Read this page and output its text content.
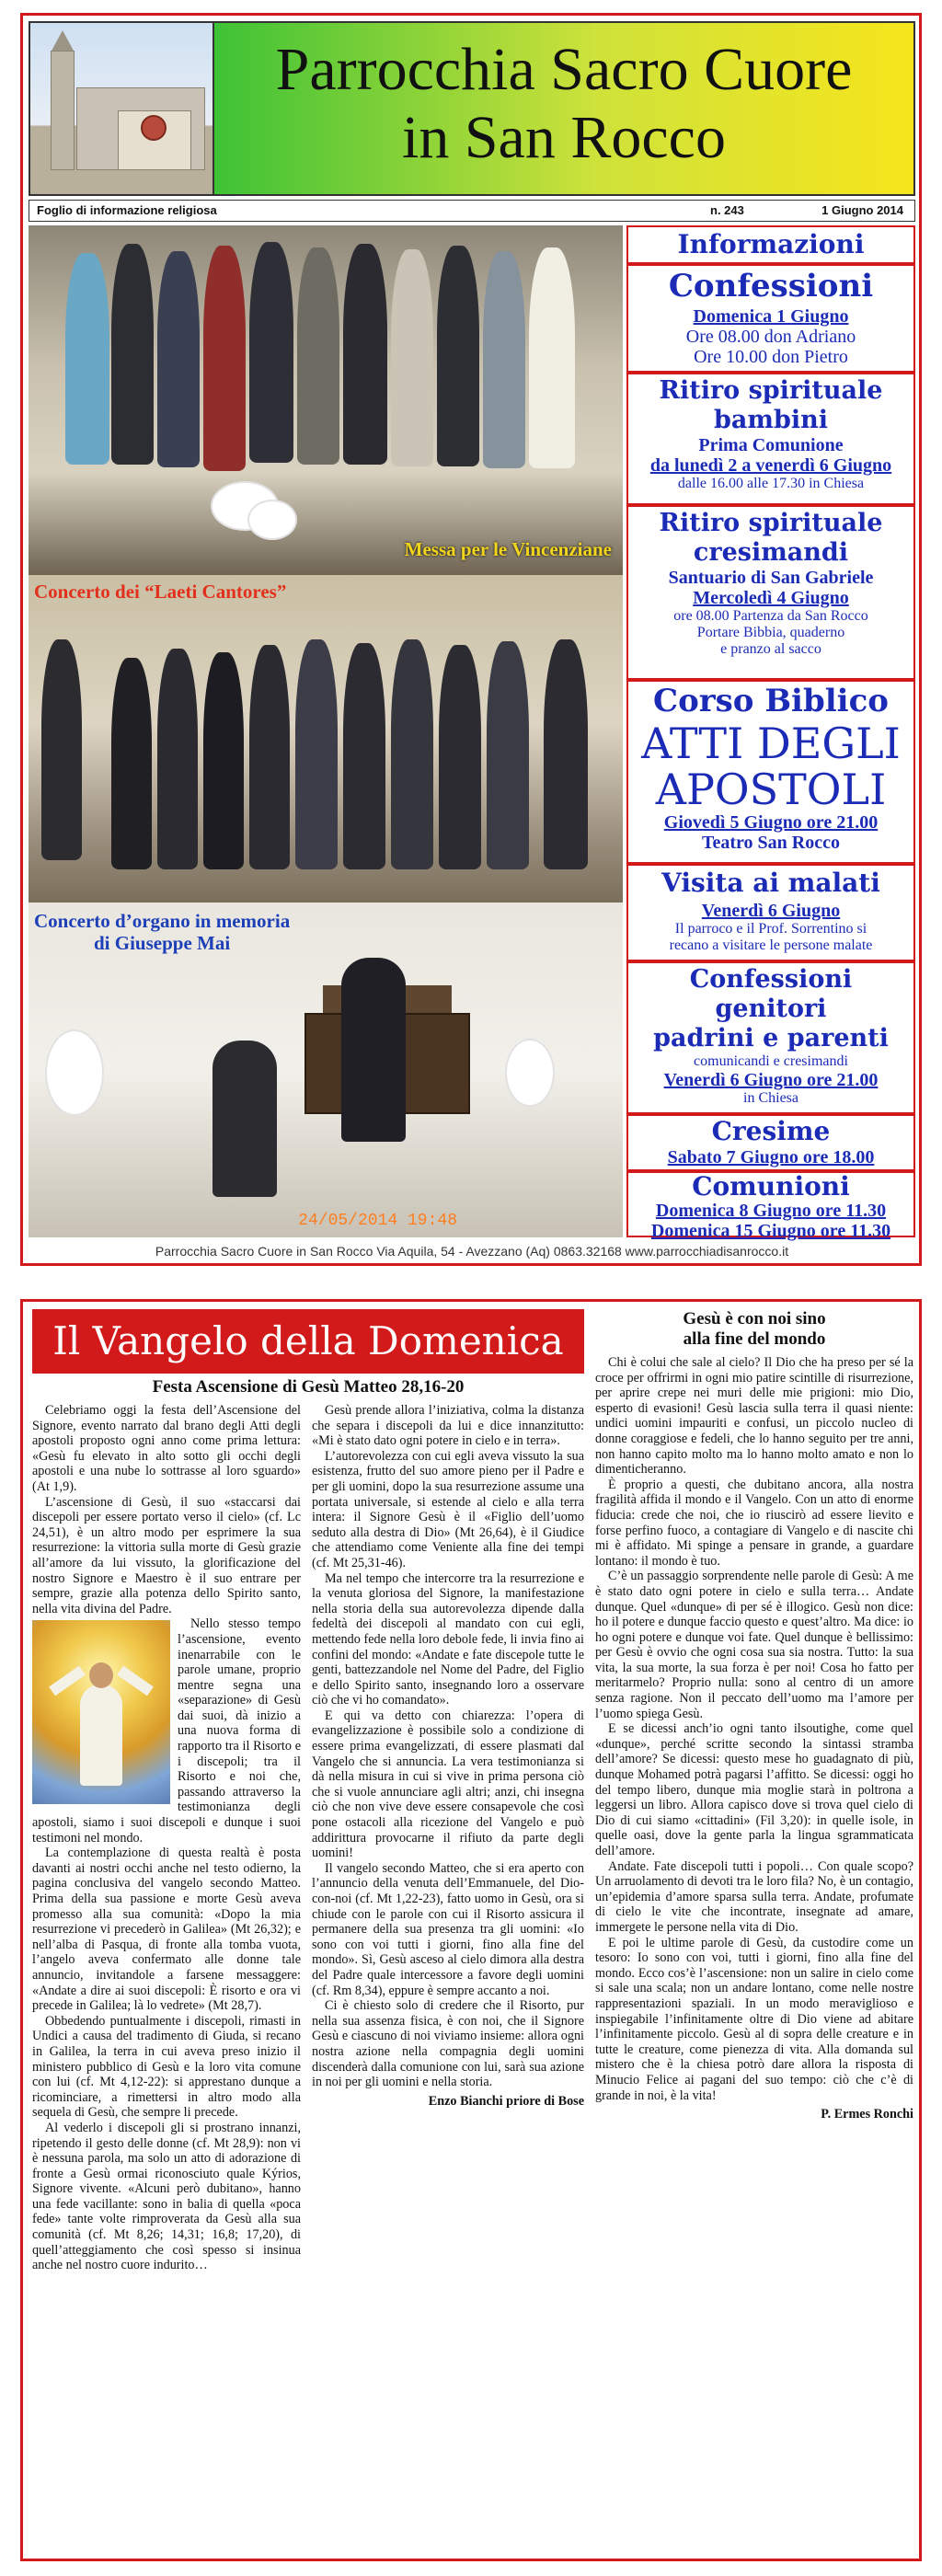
Parrocchia Sacro Cuore
in San Rocco
Foglio di informazione religiosa	n. 243	1 Giugno 2014
Messa per le Vincenziane
Concerto dei “Laeti Cantores”
Concerto d’organo in memoria
di Giuseppe Mai
24/05/2014 19:48
Informazioni
Confessioni
Domenica 1 Giugno
Ore 08.00 don Adriano
Ore 10.00 don Pietro
Ritiro spirituale
bambini
Prima Comunione
da lunedì 2 a venerdì 6 Giugno
dalle 16.00 alle 17.30 in Chiesa
Ritiro spirituale
cresimandi
Santuario di San Gabriele
Mercoledì 4 Giugno
ore 08.00 Partenza da San Rocco
Portare Bibbia, quaderno
e pranzo al sacco
Corso Biblico
ATTI DEGLI
APOSTOLI
Giovedì 5 Giugno ore 21.00
Teatro San Rocco
Visita ai malati
Venerdì 6 Giugno
Il parroco e il Prof. Sorrentino si
recano a visitare le persone malate
Confessioni
genitori
padrini e parenti
comunicandi e cresimandi
Venerdì 6 Giugno ore 21.00
in Chiesa
Cresime
Sabato 7 Giugno ore 18.00
Comunioni
Domenica 8 Giugno ore 11.30
Domenica 15 Giugno ore 11.30
Parrocchia Sacro Cuore in San Rocco Via Aquila, 54 - Avezzano (Aq) 0863.32168 www.parrocchiadisanrocco.it
Il Vangelo della Domenica
Festa Ascensione di Gesù Matteo 28,16-20

Celebriamo oggi la festa dell’Ascensione del Signore, evento narrato dal brano degli Atti degli apostoli proposto ogni anno come prima lettura: «Gesù fu elevato in alto sotto gli occhi degli apostoli e una nube lo sottrasse al loro sguardo» (At 1,9).

L’ascensione di Gesù, il suo «staccarsi dai discepoli per essere portato verso il cielo» (cf. Lc 24,51), è un altro modo per esprimere la sua resurrezione: la vittoria sulla morte di Gesù grazie all’amore da lui vissuto, la glorificazione del nostro Signore e Maestro è il suo entrare per sempre, grazie alla potenza dello Spirito santo, nella vita divina del Padre.

Nello stesso tempo l’ascensione, evento inenarrabile con le parole umane, proprio mentre segna una «separazione» di Gesù dai suoi, dà inizio a una nuova forma di rapporto tra il Risorto e i discepoli; tra il Risorto e noi che, passando attraverso la testimonianza degli apostoli, siamo i suoi discepoli e dunque i suoi testimoni nel mondo.

La contemplazione di questa realtà è posta davanti ai nostri occhi anche nel testo odierno, la pagina conclusiva del vangelo secondo Matteo. Prima della sua passione e morte Gesù aveva promesso alla sua comunità: «Dopo la mia resurrezione vi precederò in Galilea» (Mt 26,32); e nell’alba di Pasqua, di fronte alla tomba vuota, l’angelo aveva confermato alle donne tale annuncio, invitandole a farsene messaggere: «Andate a dire ai suoi discepoli: È risorto e ora vi precede in Galilea; là lo vedrete» (Mt 28,7).

Obbedendo puntualmente i discepoli, rimasti in Undici a causa del tradimento di Giuda, si recano in Galilea, la terra in cui aveva preso inizio il ministero pubblico di Gesù e la loro vita comune con lui (cf. Mt 4,12-22): si apprestano dunque a ricominciare, a rimettersi in altro modo alla sequela di Gesù, che sempre li precede.

Al vederlo i discepoli gli si prostrano innanzi, ripetendo il gesto delle donne (cf. Mt 28,9): non vi è nessuna parola, ma solo un atto di adorazione di fronte a Gesù ormai riconosciuto quale Kýrios, Signore vivente. «Alcuni però dubitano», hanno una fede vacillante: sono in balia di quella «poca fede» tante volte rimproverata da Gesù alla sua comunità (cf. Mt 8,26; 14,31; 16,8; 17,20), di quell’atteggiamento che così spesso si insinua anche nel nostro cuore indurito…

Gesù prende allora l’iniziativa, colma la distanza che separa i discepoli da lui e dice innanzitutto: «Mi è stato dato ogni potere in cielo e in terra».

L’autorevolezza con cui egli aveva vissuto la sua esistenza, frutto del suo amore pieno per il Padre e per gli uomini, dopo la sua resurrezione assume una portata universale, si estende al cielo e alla terra intera: il Signore Gesù è il «Figlio dell’uomo seduto alla destra di Dio» (Mt 26,64), è il Giudice che attendiamo come Veniente alla fine dei tempi (cf. Mt 25,31-46).

Ma nel tempo che intercorre tra la resurrezione e la venuta gloriosa del Signore, la manifestazione nella storia della sua autorevolezza dipende dalla fedeltà dei discepoli al mandato con cui egli, mettendo fede nella loro debole fede, li invia fino ai confini del mondo: «Andate e fate discepole tutte le genti, battezzandole nel Nome del Padre, del Figlio e dello Spirito santo, insegnando loro a osservare ciò che vi ho comandato».

E qui va detto con chiarezza: l’opera di evangelizzazione è possibile solo a condizione di essere prima evangelizzati, di essere plasmati dal Vangelo che si annuncia. La vera testimonianza si dà nella misura in cui si vive in prima persona ciò che si vuole annunciare agli altri; anzi, chi insegna ciò che non vive deve essere consapevole che così pone ostacoli alla ricezione del Vangelo e può addirittura provocarne il rifiuto da parte degli uomini!

Il vangelo secondo Matteo, che si era aperto con l’annuncio della venuta dell’Emmanuele, del Dio-con-noi (cf. Mt 1,22-23), fatto uomo in Gesù, ora si chiude con le parole con cui il Risorto assicura il permanere della sua presenza tra gli uomini: «Io sono con voi tutti i giorni, fino alla fine del mondo». Sì, Gesù asceso al cielo dimora alla destra del Padre quale intercessore a favore degli uomini (cf. Rm 8,34), eppure è sempre accanto a noi.

Ci è chiesto solo di credere che il Risorto, pur nella sua assenza fisica, è con noi, che il Signore Gesù e ciascuno di noi viviamo insieme: allora ogni nostra azione nella compagnia degli uomini discenderà dalla comunione con lui, sarà sua azione in noi per gli uomini e nella storia.

Enzo Bianchi priore di Bose

Gesù è con noi sino
alla fine del mondo

Chi è colui che sale al cielo? Il Dio che ha preso per sé la croce per offrirmi in ogni mio patire scintille di risurrezione, per aprire crepe nei muri delle mie prigioni: mio Dio, esperto di evasioni! Gesù lascia sulla terra il quasi niente: undici uomini impauriti e confusi, un piccolo nucleo di donne coraggiose e fedeli, che lo hanno seguito per tre anni, non hanno capito molto ma lo hanno molto amato e non lo dimenticheranno.

È proprio a questi, che dubitano ancora, alla nostra fragilità affida il mondo e il Vangelo. Con un atto di enorme fiducia: crede che noi, che io riuscirò ad essere lievito e forse perfino fuoco, a contagiare di Vangelo e di nascite chi mi è affidato. Mi spinge a pensare in grande, a guardare lontano: il mondo è tuo.

C’è un passaggio sorprendente nelle parole di Gesù: A me è stato dato ogni potere in cielo e sulla terra… Andate dunque. Quel «dunque» di per sé è illogico. Gesù non dice: ho il potere e dunque faccio questo e quest’altro. Ma dice: io ho ogni potere e dunque voi fate. Quel dunque è bellissimo: per Gesù è ovvio che ogni cosa sua sia nostra. Tutto: la sua vita, la sua morte, la sua forza è per noi! Cosa ho fatto per meritarmelo? Proprio nulla: sono al centro di un amore senza ragione. Non il peccato dell’uomo ma l’amore per l’uomo spiega Gesù.

E se dicessi anch’io ogni tanto ilsoutighe, come quel «dunque», perché scritte secondo la sintassi stramba dell’amore? Se dicessi: questo mese ho guadagnato di più, dunque Mohamed potrà pagarsi l’affitto. Se dicessi: oggi ho del tempo libero, dunque mia moglie starà in poltrona a leggersi un libro. Allora capisco dove si trova quel cielo di Dio di cui siamo «cittadini» (Fil 3,20): in quelle isole, in quelle oasi, dove la gente parla la lingua sgrammaticata dell’amore.

Andate. Fate discepoli tutti i popoli… Con quale scopo? Un arruolamento di devoti tra le loro fila? No, è un contagio, un’epidemia d’amore sparsa sulla terra. Andate, profumate di cielo le vite che incontrate, insegnate ad amare, immergete le persone nella vita di Dio.

E poi le ultime parole di Gesù, da custodire come un tesoro: Io sono con voi, tutti i giorni, fino alla fine del mondo. Ecco cos’è l’ascensione: non un salire in cielo come si sale una scala; non un andare lontano, come nelle nostre rappresentazioni spaziali. In un modo meraviglioso e inspiegabile l’infinitamente oltre di Dio viene ad abitare l’infinitamente piccolo. Gesù al di sopra delle creature e in tutte le creature, come pienezza di vita. Alla domanda sul mistero che è la chiesa potrò dare allora la risposta di Minucio Felice ai pagani del suo tempo: ciò che c’è di grande in noi, è la vita!

P. Ermes Ronchi
